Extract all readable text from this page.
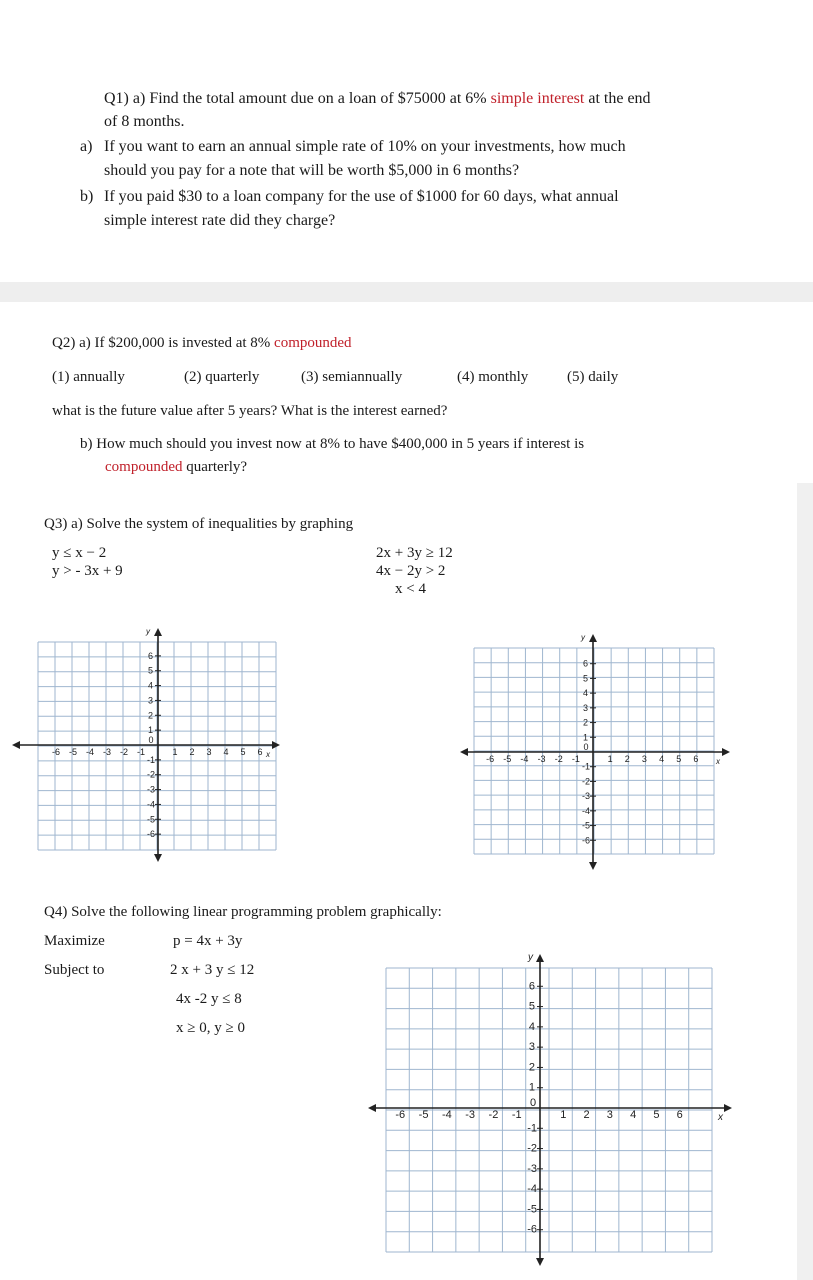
Q1) a) Find the total amount due on a loan of $75000 at 6% simple interest at the end
of 8 months.
a) If you want to earn an annual simple rate of 10% on your investments, how much
should you pay for a note that will be worth $5,000 in 6 months?
b) If you paid $30 to a loan company for the use of $1000 for 60 days, what annual
simple interest rate did they charge?
Q2) a) If $200,000 is invested at 8% compounded
(1) annually	(2) quarterly	(3) semiannually	(4) monthly	(5) daily
what is the future value after 5 years? What is the interest earned?
b) How much should you invest now at 8% to have $400,000 in 5 years if interest is
compounded quarterly?
Q3) a) Solve the system of inequalities by graphing
y ≤ x − 2
y > - 3x + 9
2x + 3y ≥ 12
4x − 2y > 2
x < 4
x
y
0
-6 -5 -4 -3 -2 -1	1 2 3 4 5 6
6
5
4
3
2
1
-1
-2
-3
-4
-5
-6
x
y
0
-6 -5 -4 -3 -2 -1	1 2 3 4 5 6
6
5
4
3
2
1
-1
-2
-3
-4
-5
-6
x
y
0
-6 -5 -4 -3 -2 -1	1 2 3 4 5 6
6
5
4
3
2
1
-1
-2
-3
-4
-5
-6
Q4) Solve the following linear programming problem graphically:
Maximize	p = 4x + 3y
Subject to	2 x + 3 y ≤ 12
4x -2 y ≤ 8
x ≥ 0, y ≥ 0
